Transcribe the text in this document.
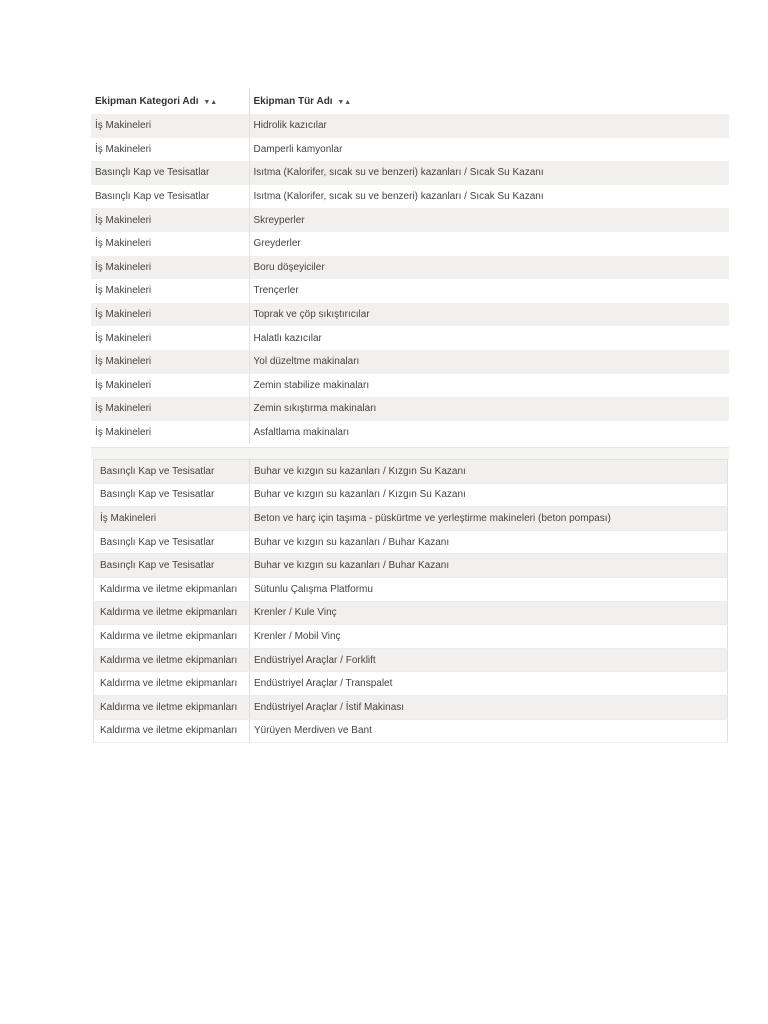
Ekipman Kategori Adı ▼▲	Ekipman Tür Adı ▼▲
İş Makineleri	Hidrolik kazıcılar
İş Makineleri	Damperli kamyonlar
Basınçlı Kap ve Tesisatlar	Isıtma (Kalorifer, sıcak su ve benzeri) kazanları / Sıcak Su Kazanı
Basınçlı Kap ve Tesisatlar	Isıtma (Kalorifer, sıcak su ve benzeri) kazanları / Sıcak Su Kazanı
İş Makineleri	Skreyperler
İş Makineleri	Greyderler
İş Makineleri	Boru döşeyiciler
İş Makineleri	Trençerler
İş Makineleri	Toprak ve çöp sıkıştırıcılar
İş Makineleri	Halatlı kazıcılar
İş Makineleri	Yol düzeltme makinaları
İş Makineleri	Zemin stabilize makinaları
İş Makineleri	Zemin sıkıştırma makinaları
İş Makineleri	Asfaltlama makinaları
Basınçlı Kap ve Tesisatlar	Buhar ve kızgın su kazanları / Kızgın Su Kazanı
Basınçlı Kap ve Tesisatlar	Buhar ve kızgın su kazanları / Kızgın Su Kazanı
İş Makineleri	Beton ve harç için taşıma - püskürtme ve yerleştirme makineleri (beton pompası)
Basınçlı Kap ve Tesisatlar	Buhar ve kızgın su kazanları / Buhar Kazanı
Basınçlı Kap ve Tesisatlar	Buhar ve kızgın su kazanları / Buhar Kazanı
Kaldırma ve iletme ekipmanları	Sütunlu Çalışma Platformu
Kaldırma ve iletme ekipmanları	Krenler / Kule Vinç
Kaldırma ve iletme ekipmanları	Krenler / Mobil Vinç
Kaldırma ve iletme ekipmanları	Endüstriyel Araçlar / Forklift
Kaldırma ve iletme ekipmanları	Endüstriyel Araçlar / Transpalet
Kaldırma ve iletme ekipmanları	Endüstriyel Araçlar / İstif Makinası
Kaldırma ve iletme ekipmanları	Yürüyen Merdiven ve Bant
